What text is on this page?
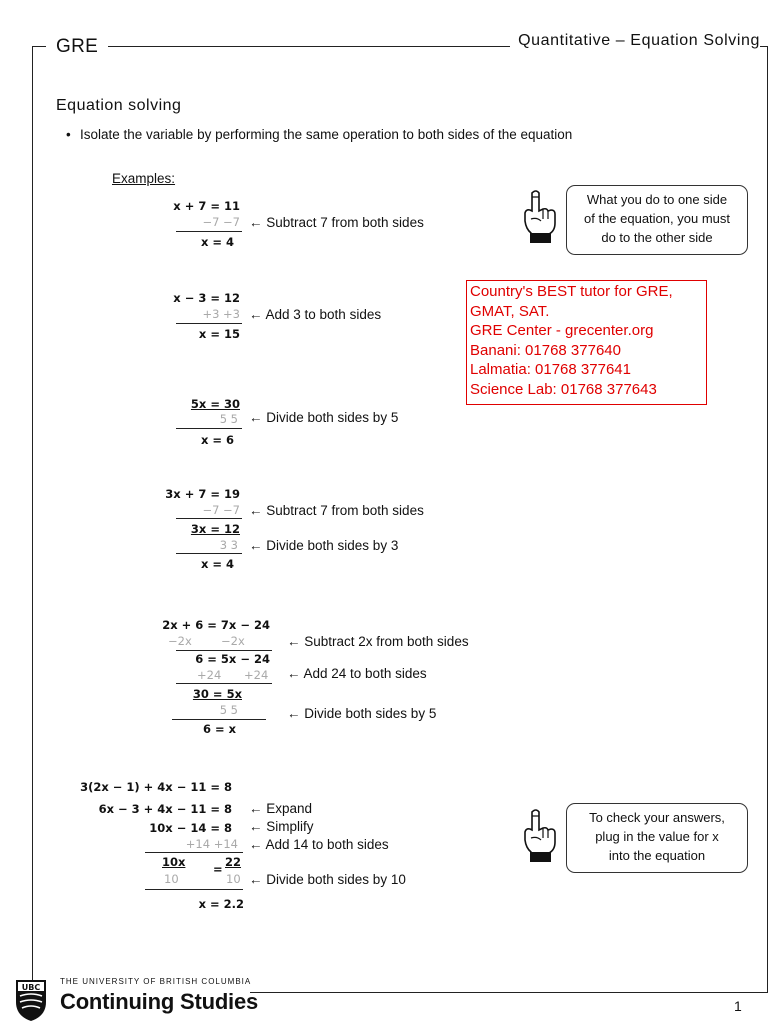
GRE	Quantitative – Equation Solving
Equation solving
• Isolate the variable by performing the same operation to both sides of the equation
Examples:
x + 7 = 11
−7 −7 ← Subtract 7 from both sides
x = 4
x − 3 = 12
+3 +3 ← Add 3 to both sides
x = 15
5x = 30
5 5 ← Divide both sides by 5
x = 6
3x + 7 = 19
−7 −7 ← Subtract 7 from both sides
3x = 12
3 3 ← Divide both sides by 3
x = 4
2x + 6 = 7x − 24
−2x	−2x	← Subtract 2x from both sides
6 = 5x − 24
+24 +24 ← Add 24 to both sides
30 = 5x
5 5	← Divide both sides by 5
6 = x
3(2x − 1) + 4x − 11 = 8
6x − 3 + 4x − 11 = 8 ← Expand
10x − 14 = 8 ← Simplify
+14 +14 ← Add 14 to both sides
10x = 22
10	10 ← Divide both sides by 10
x = 2.2
What you do to one side
of the equation, you must
do to the other side
To check your answers,
plug in the value for x
into the equation
Country's BEST tutor for GRE,
GMAT, SAT.
GRE Center - grecenter.org
Banani: 01768 377640
Lalmatia: 01768 377641
Science Lab: 01768 377643
UBC
THE UNIVERSITY OF BRITISH COLUMBIA
Continuing Studies	1
